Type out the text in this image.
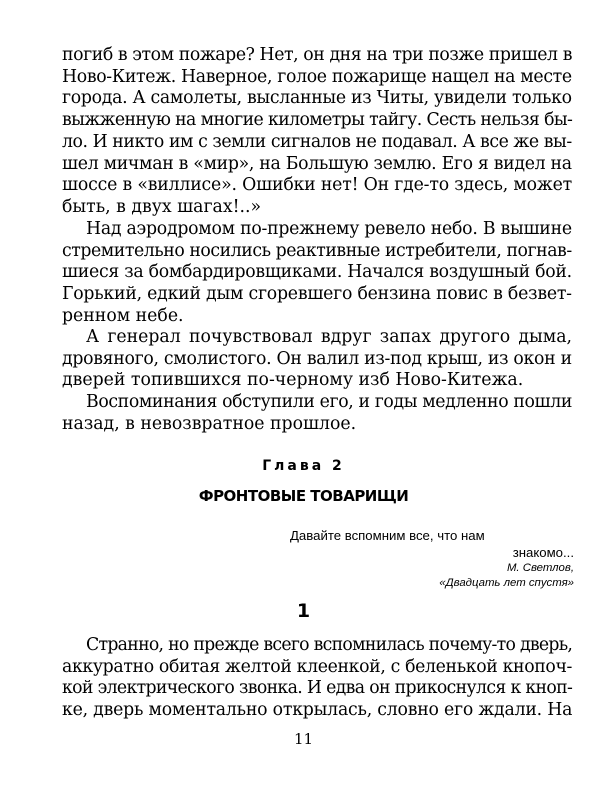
погиб в этом пожаре? Нет, он дня на три позже пришел в
Ново-Китеж. Наверное, голое пожарище нащел на месте
города. А самолеты, высланные из Читы, увидели только
выжженную на многие километры тайгу. Сесть нельзя бы-
ло. И никто им с земли сигналов не подавал. А все же вы-
шел мичман в «мир», на Большую землю. Его я видел на
шоссе в «виллисе». Ошибки нет! Он где-то здесь, может
быть, в двух шагах!..»
Над аэродромом по-прежнему ревело небо. В вышине
стремительно носились реактивные истребители, погнав-
шиеся за бомбардировщиками. Начался воздушный бой.
Горький, едкий дым сгоревшего бензина повис в безвет-
ренном небе.
А генерал почувствовал вдруг запах другого дыма,
дровяного, смолистого. Он валил из-под крыш, из окон и
дверей топившихся по-черному изб Ново-Китежа.
Воспоминания обступили его, и годы медленно пошли
назад, в невозвратное прошлое.

Глава 2

ФРОНТОВЫЕ ТОВАРИЩИ

Давайте вспомним все, что нам
знакомо...
М. Светлов,
«Двадцать лет спустя»

1

Странно, но прежде всего вспомнилась почему-то дверь,
аккуратно обитая желтой клеенкой, с беленькой кнопоч-
кой электрического звонка. И едва он прикоснулся к кноп-
ке, дверь моментально открылась, словно его ждали. На

11
